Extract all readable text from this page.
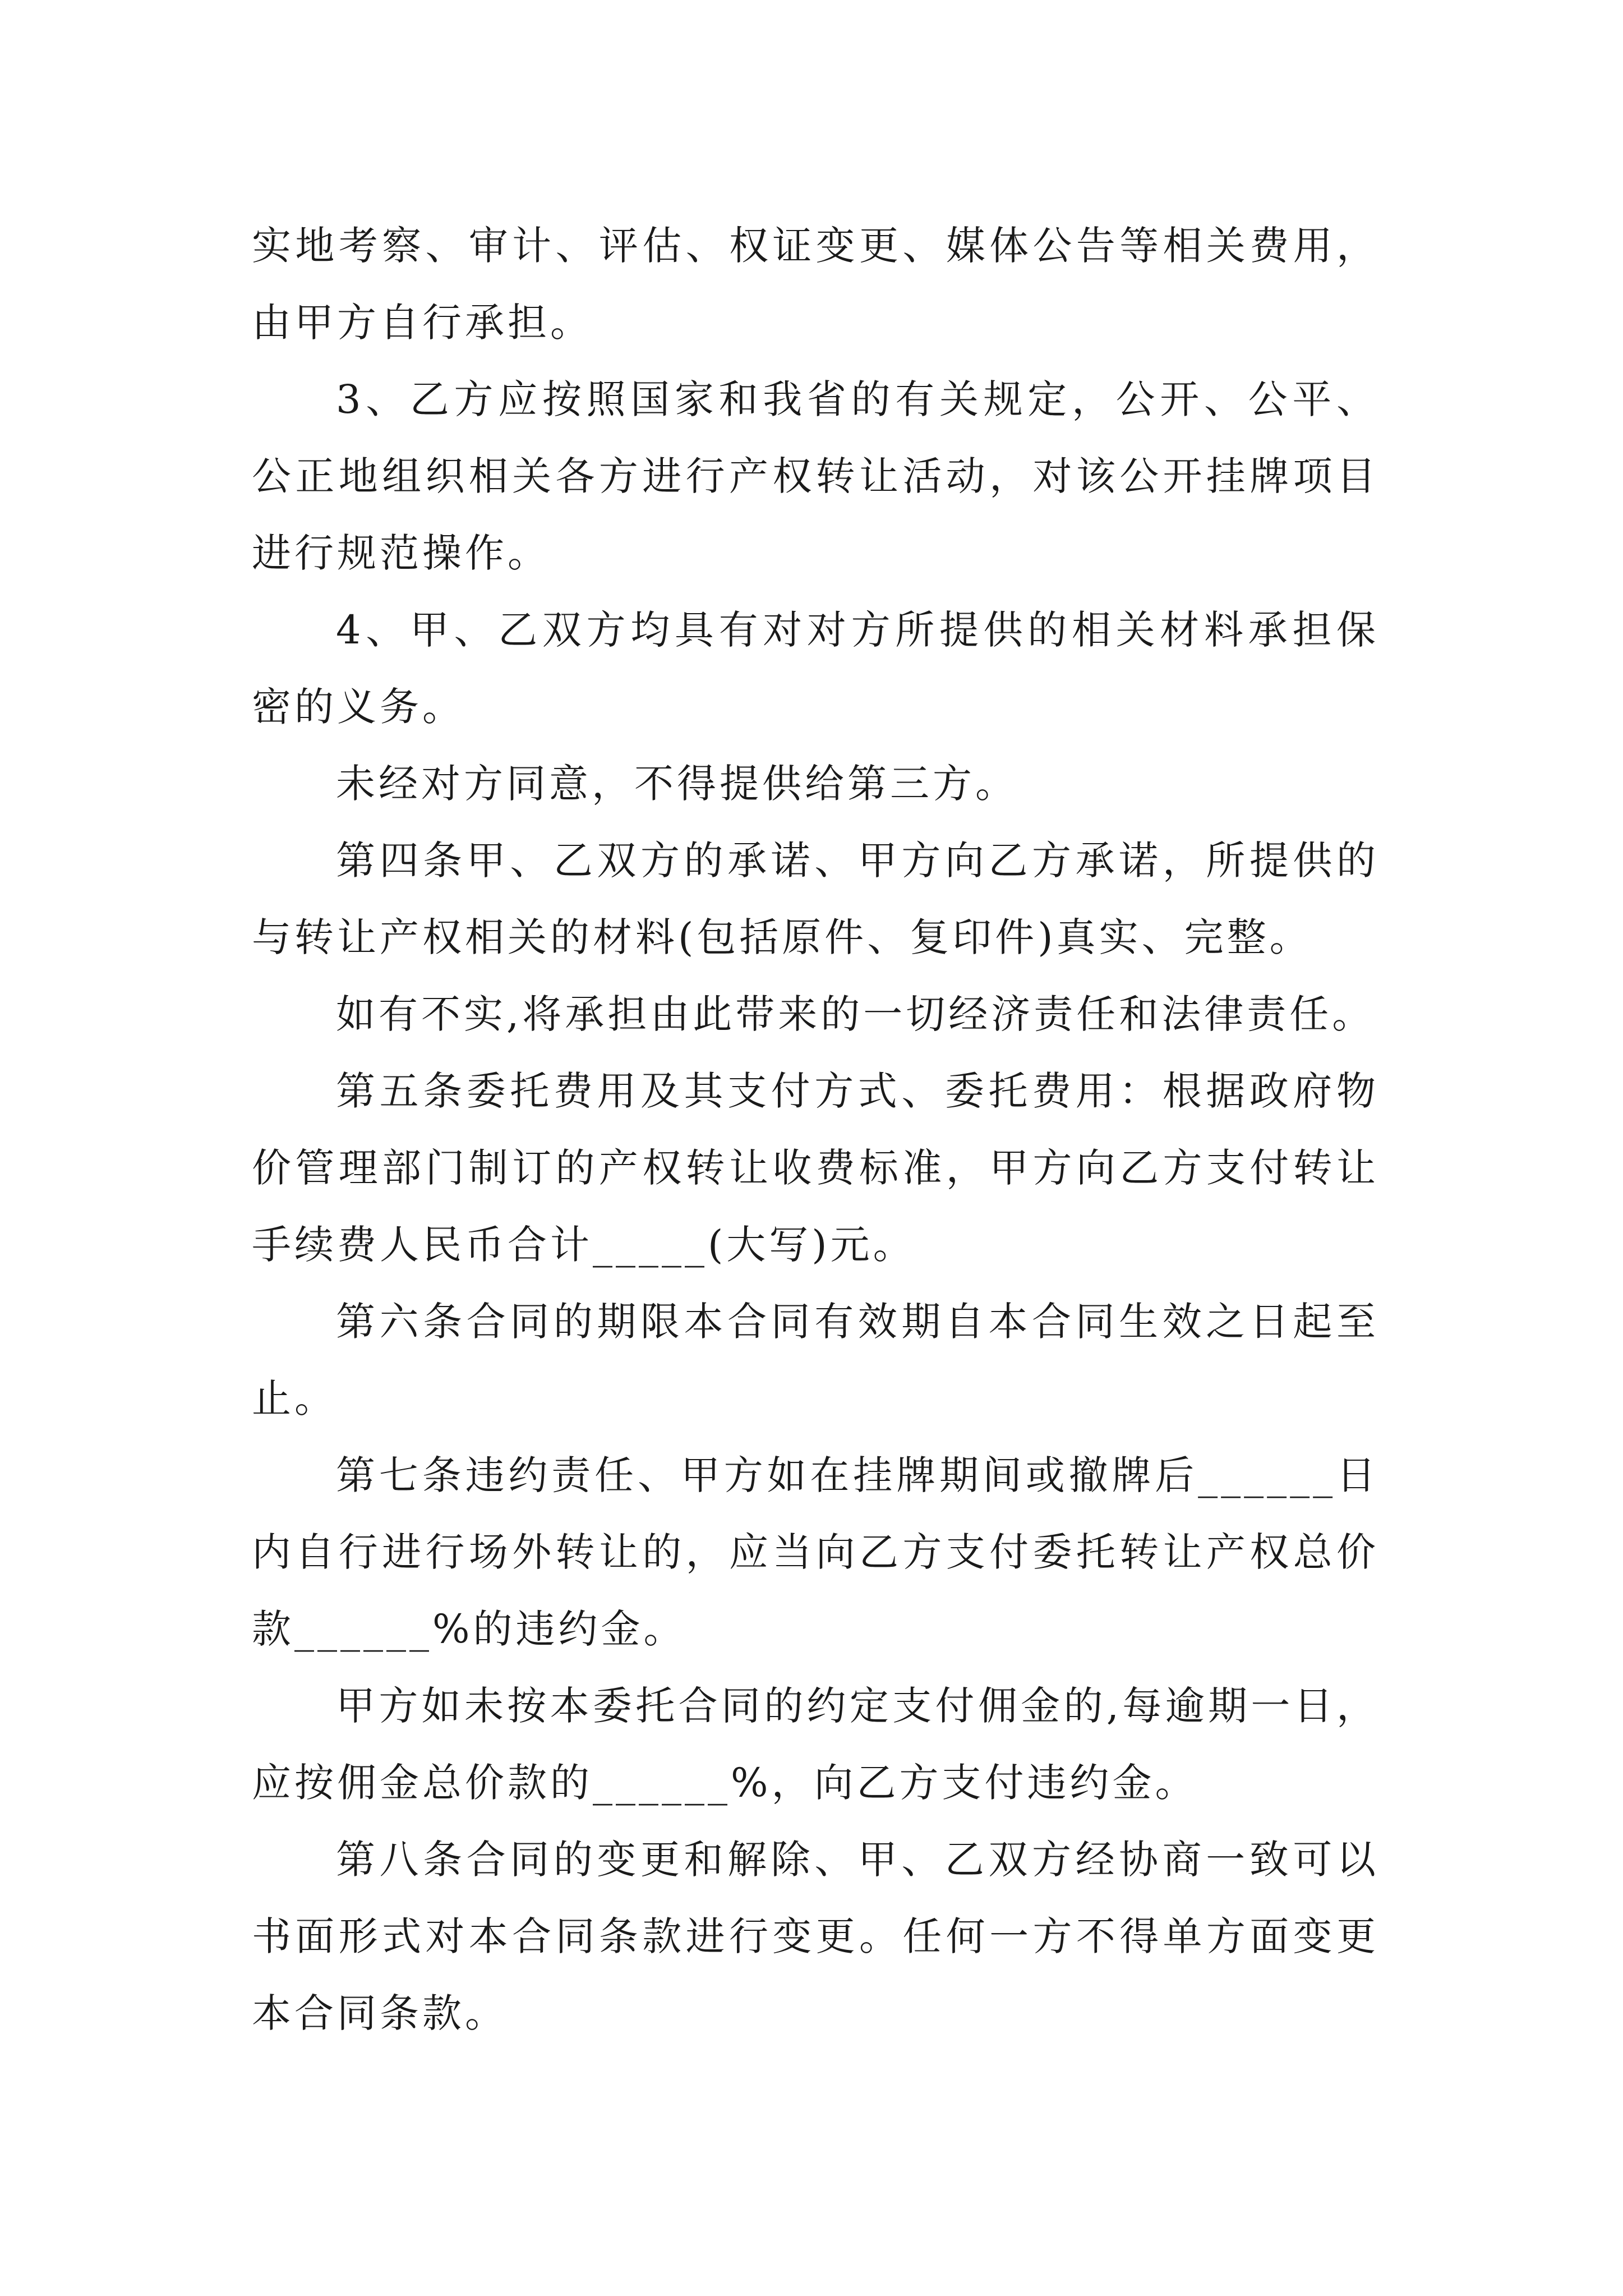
实地考察、审计、评估、权证变更、媒体公告等相关费用，由甲方自行承担。

3、乙方应按照国家和我省的有关规定，公开、公平、公正地组织相关各方进行产权转让活动，对该公开挂牌项目进行规范操作。

4、甲、乙双方均具有对对方所提供的相关材料承担保密的义务。

未经对方同意，不得提供给第三方。

第四条甲、乙双方的承诺、甲方向乙方承诺，所提供的与转让产权相关的材料(包括原件、复印件)真实、完整。

如有不实,将承担由此带来的一切经济责任和法律责任。

第五条委托费用及其支付方式、委托费用：根据政府物价管理部门制订的产权转让收费标准，甲方向乙方支付转让手续费人民币合计_____(大写)元。

第六条合同的期限本合同有效期自本合同生效之日起至止。

第七条违约责任、甲方如在挂牌期间或撤牌后______日内自行进行场外转让的，应当向乙方支付委托转让产权总价款______%的违约金。

甲方如未按本委托合同的约定支付佣金的,每逾期一日，应按佣金总价款的______%，向乙方支付违约金。

第八条合同的变更和解除、甲、乙双方经协商一致可以书面形式对本合同条款进行变更。任何一方不得单方面变更本合同条款。
